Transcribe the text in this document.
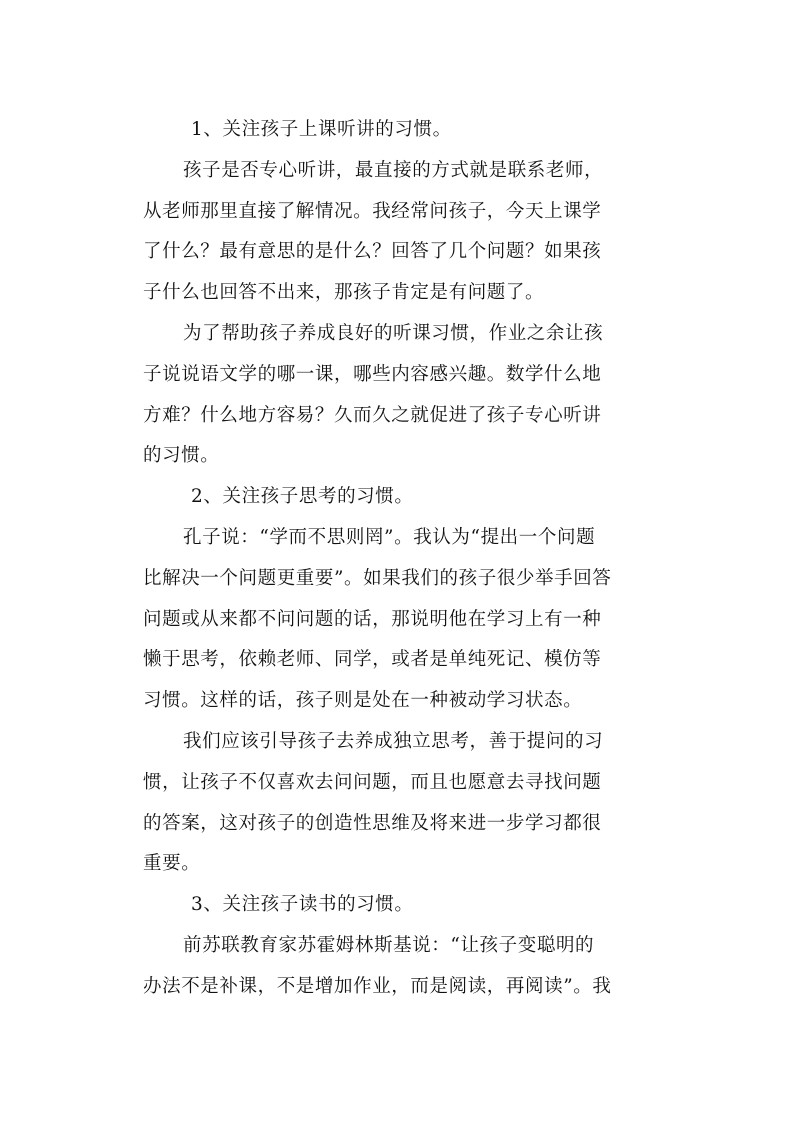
1、关注孩子上课听讲的习惯。
孩子是否专心听讲，最直接的方式就是联系老师，
从老师那里直接了解情况。我经常问孩子，今天上课学
了什么？最有意思的是什么？回答了几个问题？如果孩
子什么也回答不出来，那孩子肯定是有问题了。
为了帮助孩子养成良好的听课习惯，作业之余让孩
子说说语文学的哪一课，哪些内容感兴趣。数学什么地
方难？什么地方容易？久而久之就促进了孩子专心听讲
的习惯。
2、关注孩子思考的习惯。
孔子说：“学而不思则罔”。我认为“提出一个问题
比解决一个问题更重要”。如果我们的孩子很少举手回答
问题或从来都不问问题的话，那说明他在学习上有一种
懒于思考，依赖老师、同学，或者是单纯死记、模仿等
习惯。这样的话，孩子则是处在一种被动学习状态。
我们应该引导孩子去养成独立思考，善于提问的习
惯，让孩子不仅喜欢去问问题，而且也愿意去寻找问题
的答案，这对孩子的创造性思维及将来进一步学习都很
重要。
3、关注孩子读书的习惯。
前苏联教育家苏霍姆林斯基说：“让孩子变聪明的
办法不是补课，不是增加作业，而是阅读，再阅读”。我
